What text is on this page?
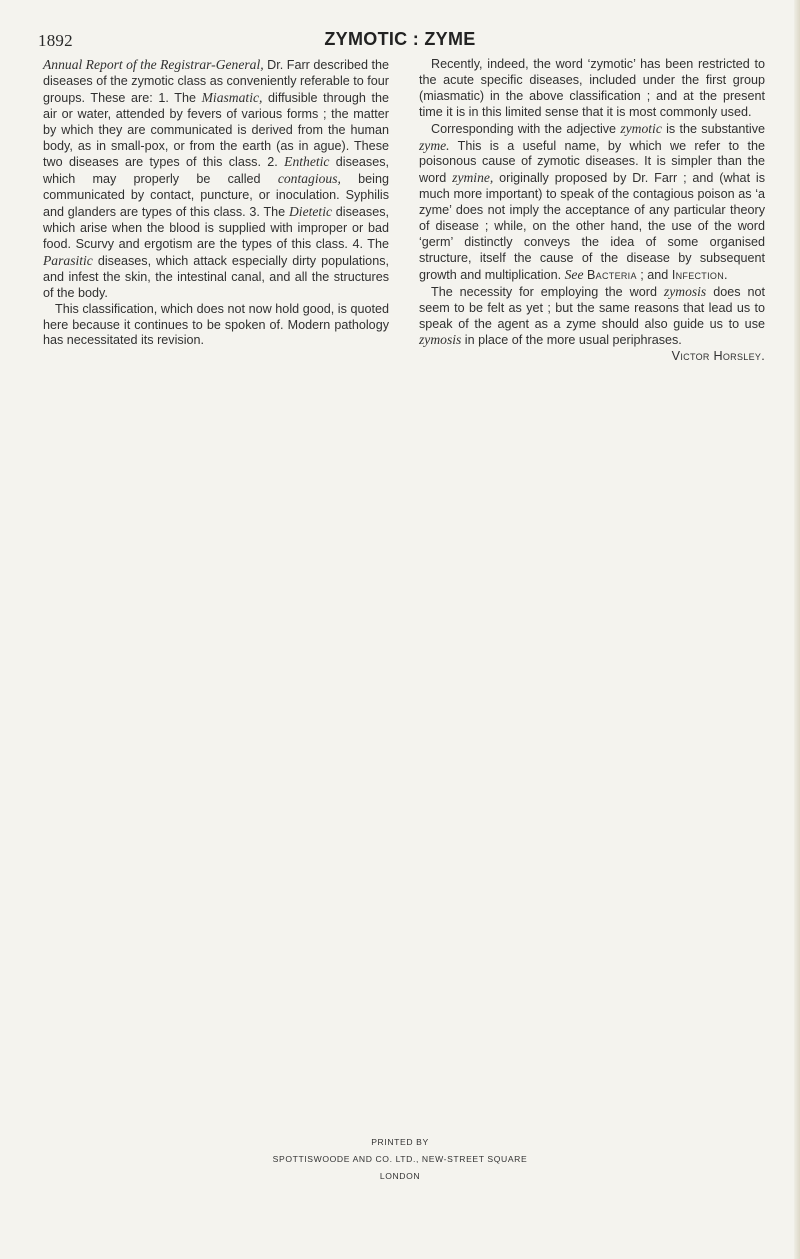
1892	ZYMOTIC : ZYME

Annual Report of the Registrar-General, Dr. Farr described the diseases of the zymotic class as conveniently referable to four groups. These are: 1. The Miasmatic, diffusible through the air or water, attended by fevers of various forms ; the matter by which they are communicated is derived from the human body, as in small-pox, or from the earth (as in ague). These two diseases are types of this class. 2. Enthetic diseases, which may properly be called contagious, being communicated by contact, puncture, or inoculation. Syphilis and glanders are types of this class. 3. The Dietetic diseases, which arise when the blood is supplied with improper or bad food. Scurvy and ergotism are the types of this class. 4. The Parasitic diseases, which attack especially dirty populations, and infest the skin, the intestinal canal, and all the structures of the body.

This classification, which does not now hold good, is quoted here because it continues to be spoken of. Modern pathology has necessitated its revision.

Recently, indeed, the word ‘zymotic’ has been restricted to the acute specific diseases, included under the first group (miasmatic) in the above classification ; and at the present time it is in this limited sense that it is most commonly used.

Corresponding with the adjective zymotic is the substantive zyme. This is a useful name, by which we refer to the poisonous cause of zymotic diseases. It is simpler than the word zymine, originally proposed by Dr. Farr ; and (what is much more important) to speak of the contagious poison as ‘a zyme’ does not imply the acceptance of any particular theory of disease ; while, on the other hand, the use of the word ‘germ’ distinctly conveys the idea of some organised structure, itself the cause of the disease by subsequent growth and multiplication. See Bacteria ; and Infection.

The necessity for employing the word zymosis does not seem to be felt as yet ; but the same reasons that lead us to speak of the agent as a zyme should also guide us to use zymosis in place of the more usual periphrases.
Victor Horsley.

PRINTED BY
SPOTTISWOODE AND CO. LTD., NEW-STREET SQUARE
LONDON
